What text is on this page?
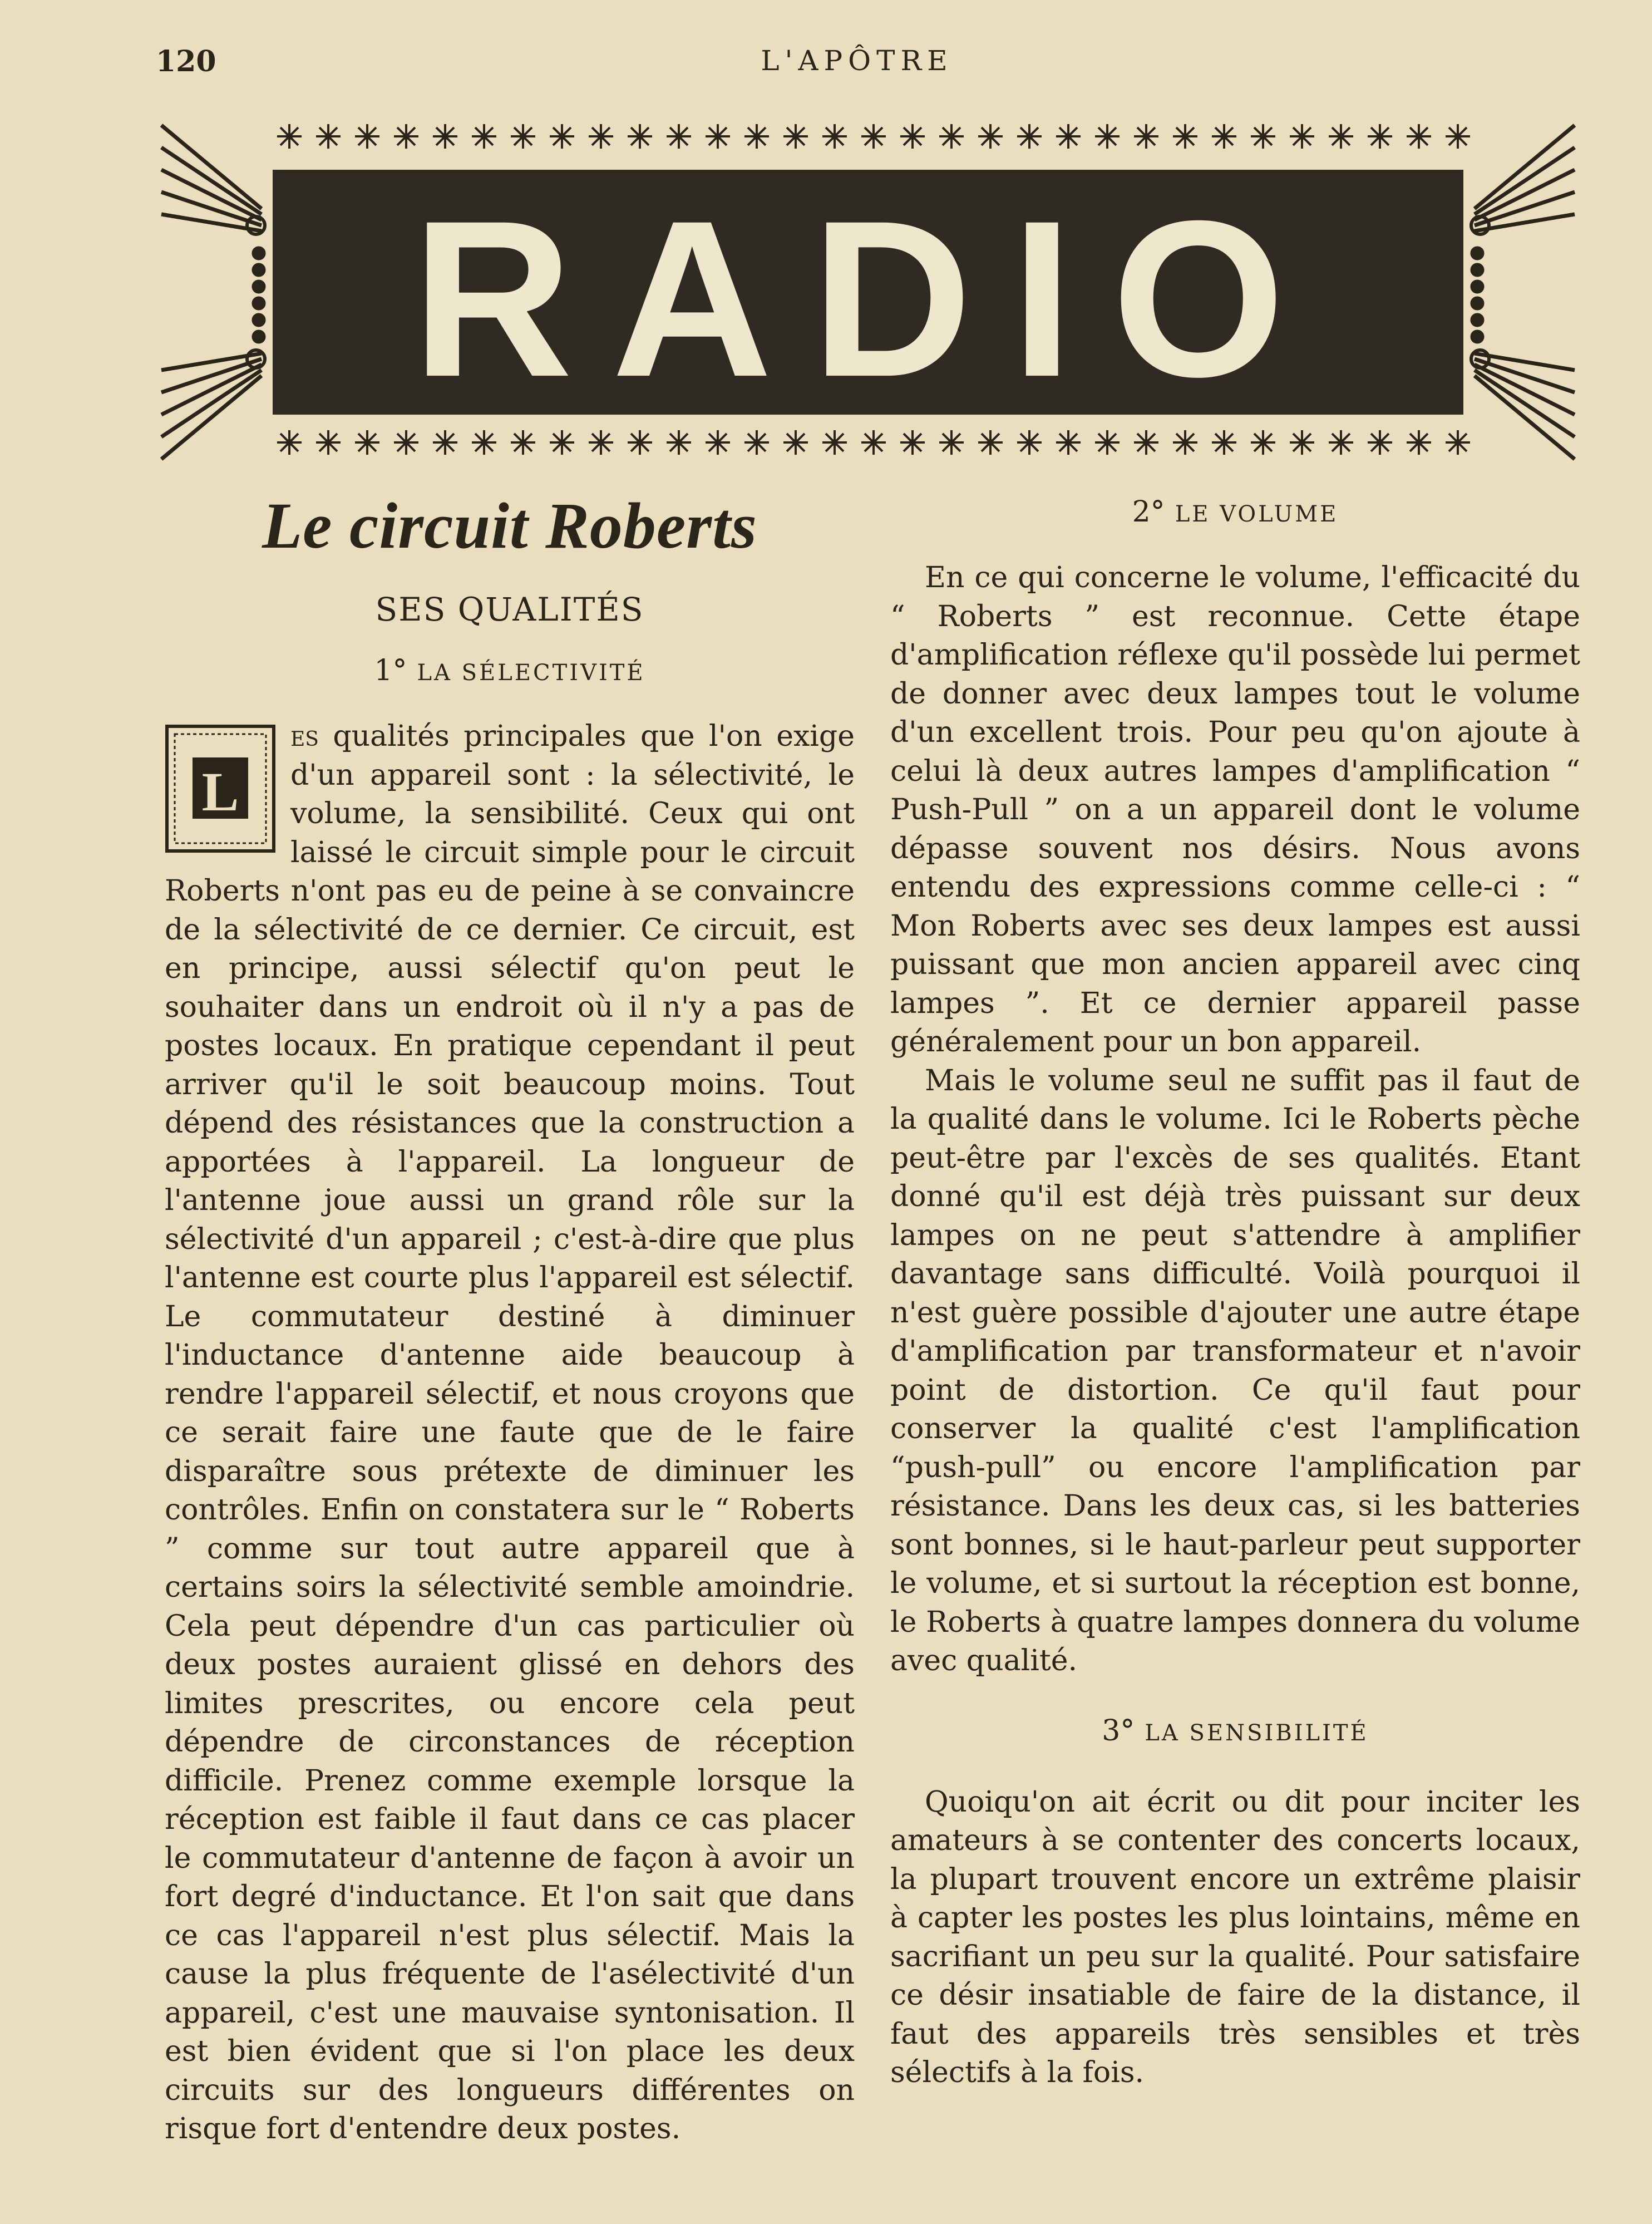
120	L'APÔTRE
RADIO
Le circuit Roberts
SES QUALITÉS
1° LA SÉLECTIVITÉ

L
es qualités principales que l'on exige d'un appareil sont : la sélectivité, le volume, la sensibilité. Ceux qui ont laissé le circuit simple pour le circuit Roberts n'ont pas eu de peine à se convaincre de la sélectivité de ce dernier. Ce circuit, est en principe, aussi sélectif qu'on peut le souhaiter dans un endroit où il n'y a pas de postes locaux. En pratique cependant il peut arriver qu'il le soit beaucoup moins. Tout dépend des résistances que la construction a apportées à l'appareil. La longueur de l'antenne joue aussi un grand rôle sur la sélectivité d'un appareil ; c'est-à-dire que plus l'antenne est courte plus l'appareil est sélectif. Le commutateur destiné à diminuer l'inductance d'antenne aide beaucoup à rendre l'appareil sélectif, et nous croyons que ce serait faire une faute que de le faire disparaître sous prétexte de diminuer les contrôles. Enfin on constatera sur le “ Roberts ” comme sur tout autre appareil que à certains soirs la sélectivité semble amoindrie. Cela peut dépendre d'un cas particulier où deux postes auraient glissé en dehors des limites prescrites, ou encore cela peut dépendre de circonstances de réception difficile. Prenez comme exemple lorsque la réception est faible il faut dans ce cas placer le commutateur d'antenne de façon à avoir un fort degré d'inductance. Et l'on sait que dans ce cas l'appareil n'est plus sélectif. Mais la cause la plus fréquente de l'asélectivité d'un appareil, c'est une mauvaise syntonisation. Il est bien évident que si l'on place les deux circuits sur des longueurs différentes on risque fort d'entendre deux postes.

2° LE VOLUME

En ce qui concerne le volume, l'efficacité du “ Roberts ” est reconnue. Cette étape d'amplification réflexe qu'il possède lui permet de donner avec deux lampes tout le volume d'un excellent trois. Pour peu qu'on ajoute à celui là deux autres lampes d'amplification “ Push-Pull ” on a un appareil dont le volume dépasse souvent nos désirs. Nous avons entendu des expressions comme celle-ci : “ Mon Roberts avec ses deux lampes est aussi puissant que mon ancien appareil avec cinq lampes ”. Et ce dernier appareil passe généralement pour un bon appareil.

Mais le volume seul ne suffit pas il faut de la qualité dans le volume. Ici le Roberts pèche peut-être par l'excès de ses qualités. Etant donné qu'il est déjà très puissant sur deux lampes on ne peut s'attendre à amplifier davantage sans difficulté. Voilà pourquoi il n'est guère possible d'ajouter une autre étape d'amplification par transformateur et n'avoir point de distortion. Ce qu'il faut pour conserver la qualité c'est l'amplification “push-pull” ou encore l'amplification par résistance. Dans les deux cas, si les batteries sont bonnes, si le haut-parleur peut supporter le volume, et si surtout la réception est bonne, le Roberts à quatre lampes donnera du volume avec qualité.

3° LA SENSIBILITÉ

Quoiqu'on ait écrit ou dit pour inciter les amateurs à se contenter des concerts locaux, la plupart trouvent encore un extrême plaisir à capter les postes les plus lointains, même en sacrifiant un peu sur la qualité. Pour satisfaire ce désir insatiable de faire de la distance, il faut des appareils très sensibles et très sélectifs à la fois.
